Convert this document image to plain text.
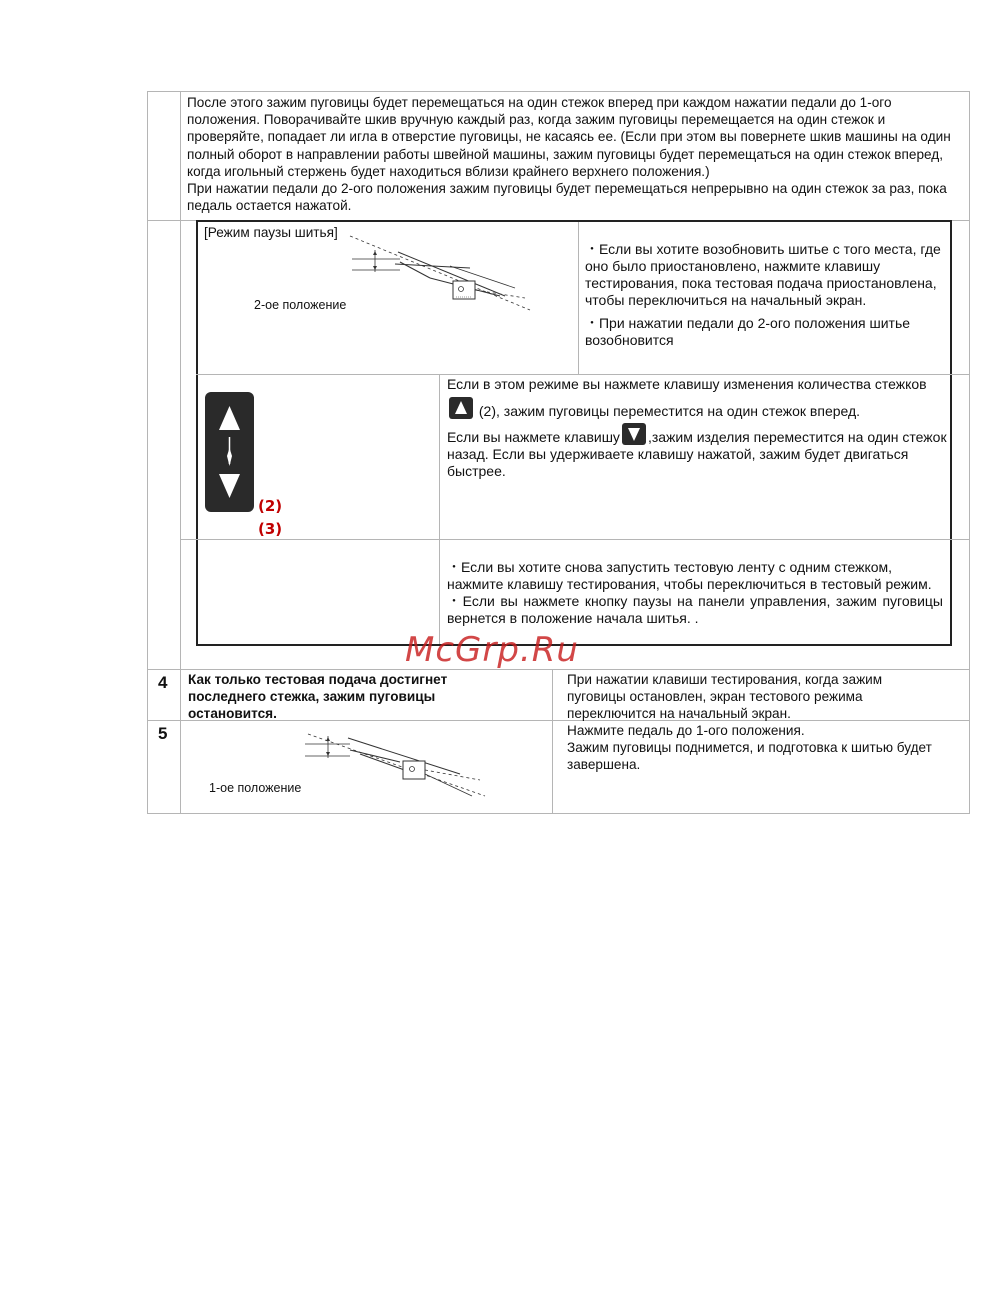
После этого зажим пуговицы будет перемещаться на один стежок вперед при каждом нажатии педали до 1-ого положения. Поворачивайте шкив вручную каждый раз, когда зажим пуговицы перемещается на один стежок и проверяйте, попадает ли игла в отверстие пуговицы, не касаясь ее. (Если при этом вы повернете шкив машины на один полный оборот в направлении работы швейной машины, зажим пуговицы будет перемещаться на один стежок вперед, когда игольный стержень будет находиться вблизи крайнего верхнего положения.)
При нажатии педали до 2-ого положения зажим пуговицы будет перемещаться непрерывно на один стежок за раз, пока педаль остается нажатой.
[Режим паузы шитья]
2-ое положение
・Если вы хотите возобновить шитье с того места, где оно было приостановлено, нажмите клавишу тестирования, пока тестовая подача приостановлена, чтобы переключиться на начальный экран.
・При нажатии педали до 2-ого положения шитье возобновится
(2)
(3)
Если в этом режиме вы нажмете клавишу изменения количества стежков
(2), зажим пуговицы переместится на один стежок вперед.
Если вы нажмете клавишу ,зажим изделия переместится на один стежок назад. Если вы удерживаете клавишу нажатой, зажим будет двигаться быстрее.
・Если вы хотите снова запустить тестовую ленту с одним стежком, нажмите клавишу тестирования, чтобы переключиться в тестовый режим.
・Если вы нажмете кнопку паузы на панели управления, зажим пуговицы вернется в положение начала шитья. .
4 Как только тестовая подача достигнет последнего стежка, зажим пуговицы остановится.
При нажатии клавиши тестирования, когда зажим пуговицы остановлен, экран тестового режима переключится на начальный экран.
5
1-ое положение
Нажмите педаль до 1-ого положения.
Зажим пуговицы поднимется, и подготовка к шитью будет завершена.
McGrp.Ru
